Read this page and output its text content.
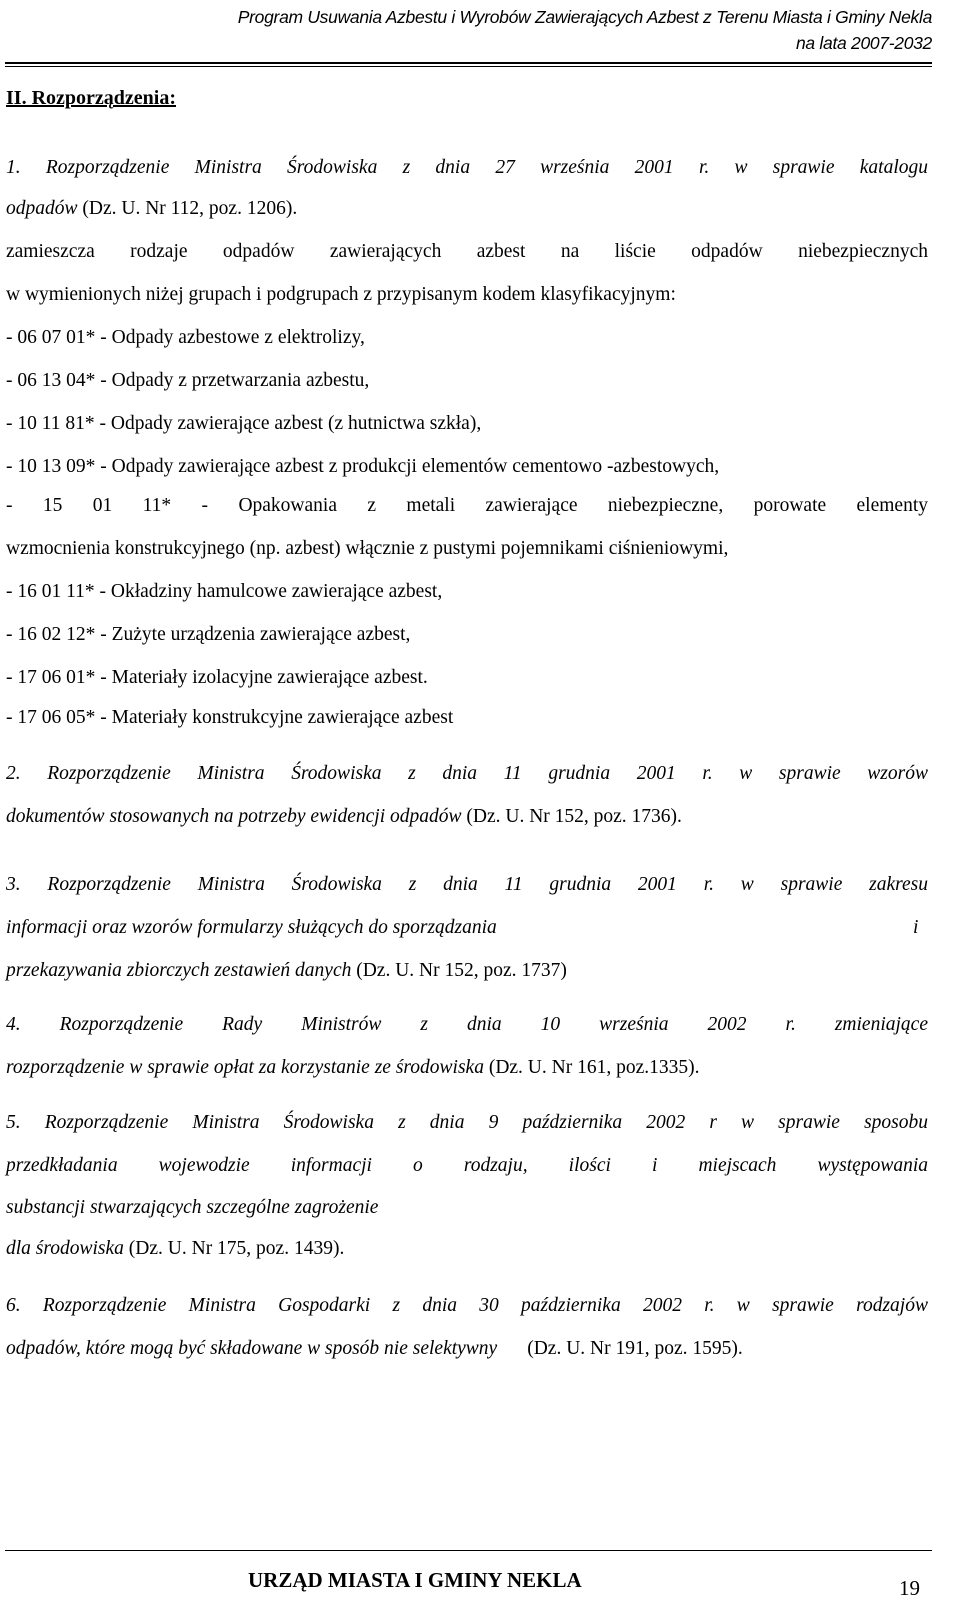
Program Usuwania Azbestu i Wyrobów Zawierających Azbest z Terenu Miasta i Gminy Nekla
na lata 2007-2032
II. Rozporządzenia:
1. Rozporządzenie Ministra Środowiska z dnia 27 września 2001 r. w sprawie katalogu
odpadów (Dz. U. Nr 112, poz. 1206).
zamieszcza rodzaje odpadów zawierających azbest na liście odpadów niebezpiecznych
w wymienionych niżej grupach i podgrupach z przypisanym kodem klasyfikacyjnym:
- 06 07 01* - Odpady azbestowe z elektrolizy,
- 06 13 04* - Odpady z przetwarzania azbestu,
- 10 11 81* - Odpady zawierające azbest (z hutnictwa szkła),
- 10 13 09* - Odpady zawierające azbest z produkcji elementów cementowo -azbestowych,
- 15 01 11* - Opakowania z metali zawierające niebezpieczne, porowate elementy
wzmocnienia konstrukcyjnego (np. azbest) włącznie z pustymi pojemnikami ciśnieniowymi,
- 16 01 11* - Okładziny hamulcowe zawierające azbest,
- 16 02 12* - Zużyte urządzenia zawierające azbest,
- 17 06 01* - Materiały izolacyjne zawierające azbest.
- 17 06 05* - Materiały konstrukcyjne zawierające azbest
2. Rozporządzenie Ministra Środowiska z dnia 11 grudnia 2001 r. w sprawie wzorów
dokumentów stosowanych na potrzeby ewidencji odpadów (Dz. U. Nr 152, poz. 1736).
3. Rozporządzenie Ministra Środowiska z dnia 11 grudnia 2001 r. w sprawie zakresu
informacji oraz wzorów formularzy służących do sporządzania	i
przekazywania zbiorczych zestawień danych (Dz. U. Nr 152, poz. 1737)
4. Rozporządzenie Rady Ministrów z dnia 10 września 2002 r. zmieniające
rozporządzenie w sprawie opłat za korzystanie ze środowiska (Dz. U. Nr 161, poz.1335).
5. Rozporządzenie Ministra Środowiska z dnia 9 października 2002 r w sprawie sposobu
przedkładania wojewodzie informacji o rodzaju, ilości i miejscach występowania
substancji stwarzających szczególne zagrożenie
dla środowiska (Dz. U. Nr 175, poz. 1439).
6. Rozporządzenie Ministra Gospodarki z dnia 30 października 2002 r. w sprawie rodzajów
odpadów, które mogą być składowane w sposób nie selektywny (Dz. U. Nr 191, poz. 1595).
URZĄD MIASTA I GMINY NEKLA	19
